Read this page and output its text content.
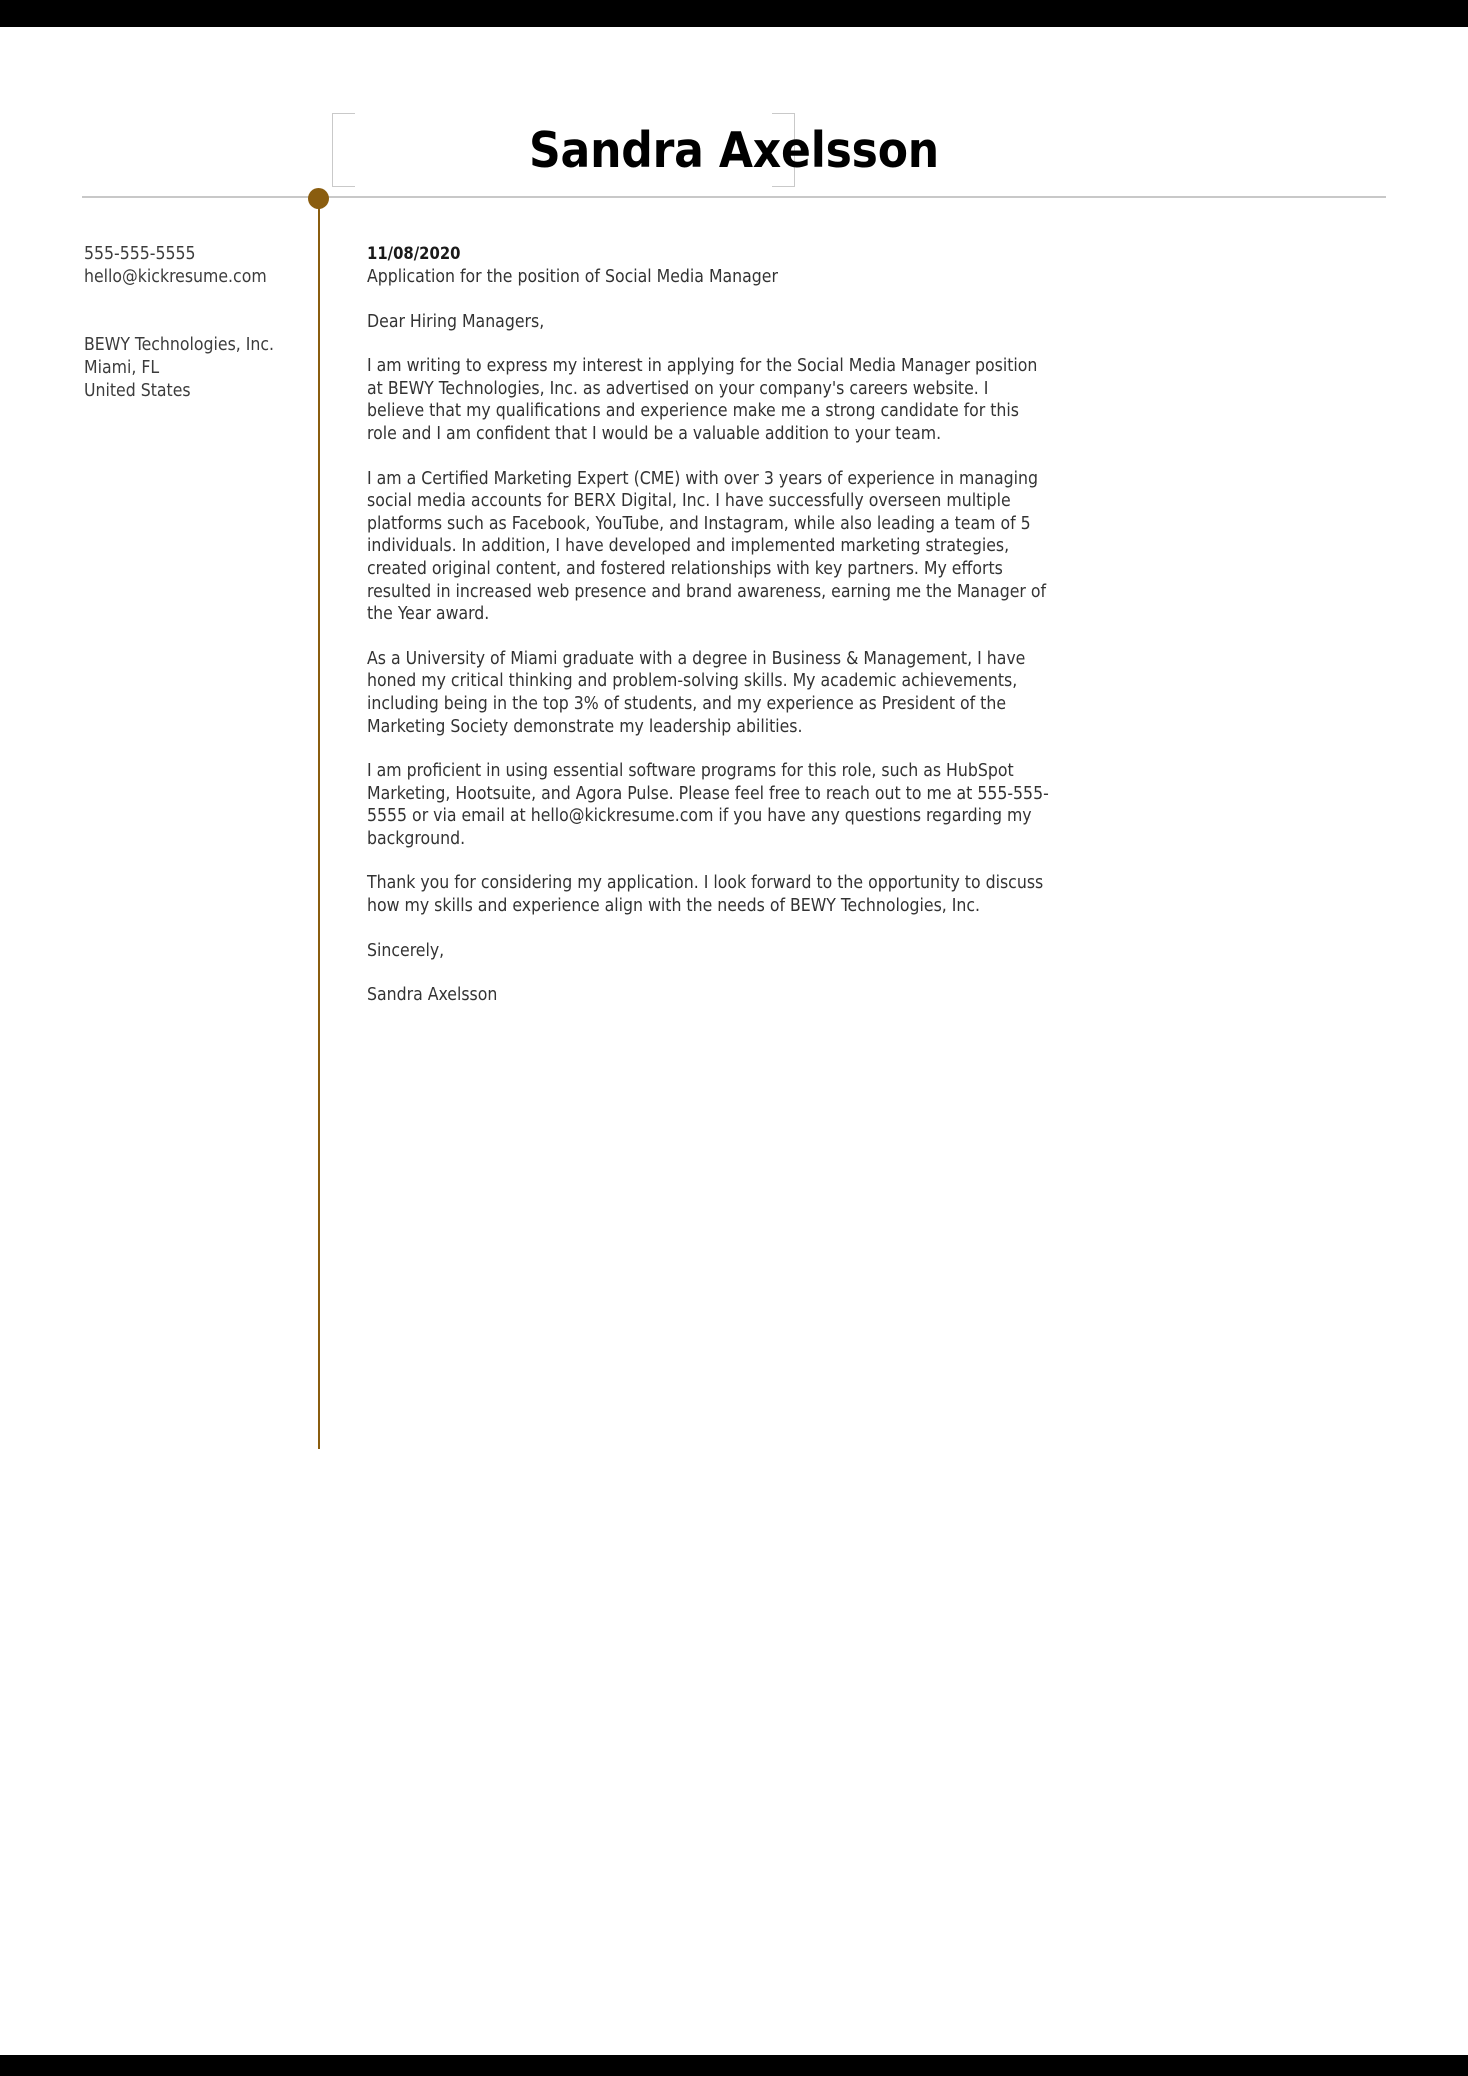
Sandra Axelsson
555-555-5555
hello@kickresume.com
BEWY Technologies, Inc.
Miami, FL
United States
11/08/2020
Application for the position of Social Media Manager

Dear Hiring Managers,

I am writing to express my interest in applying for the Social Media Manager position at BEWY Technologies, Inc. as advertised on your company's careers website. I believe that my qualifications and experience make me a strong candidate for this role and I am confident that I would be a valuable addition to your team.

I am a Certified Marketing Expert (CME) with over 3 years of experience in managing social media accounts for BERX Digital, Inc. I have successfully overseen multiple platforms such as Facebook, YouTube, and Instagram, while also leading a team of 5 individuals. In addition, I have developed and implemented marketing strategies, created original content, and fostered relationships with key partners. My efforts resulted in increased web presence and brand awareness, earning me the Manager of the Year award.

As a University of Miami graduate with a degree in Business & Management, I have honed my critical thinking and problem-solving skills. My academic achievements, including being in the top 3% of students, and my experience as President of the Marketing Society demonstrate my leadership abilities.

I am proficient in using essential software programs for this role, such as HubSpot Marketing, Hootsuite, and Agora Pulse. Please feel free to reach out to me at 555-555-5555 or via email at hello@kickresume.com if you have any questions regarding my background.

Thank you for considering my application. I look forward to the opportunity to discuss how my skills and experience align with the needs of BEWY Technologies, Inc.

Sincerely,

Sandra Axelsson
